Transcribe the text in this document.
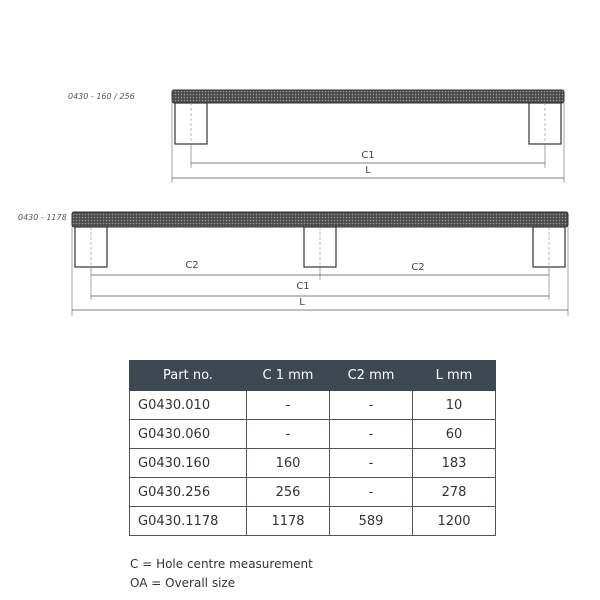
C1
L
C2	C2
C1
L
0430 - 160 / 256
0430 - 1178
Part no.	C 1 mm	C2 mm	L mm
G0430.010	-	-	10
G0430.060	-	-	60
G0430.160	160	-	183
G0430.256	256	-	278
G0430.1178	1178	589	1200
C = Hole centre measurement
OA = Overall size
